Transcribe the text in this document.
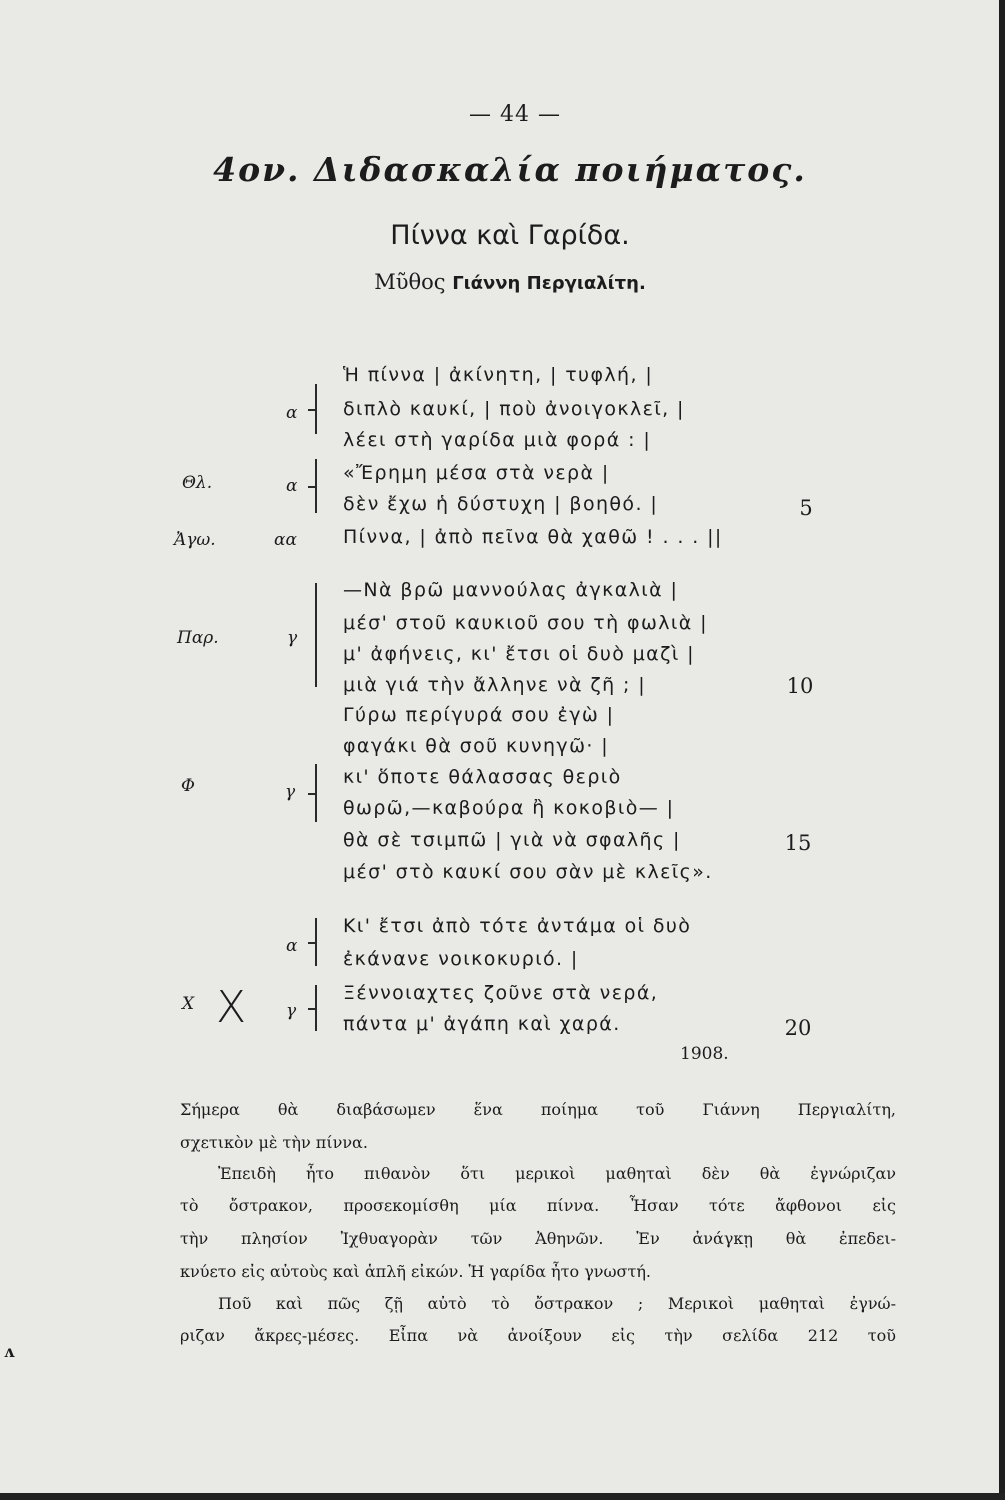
— 44 —
4ον. Διδασκαλία ποιήματος.
Πίννα καὶ Γαρίδα.
Μῦθος Γιάννη Περγιαλίτη.
Ἡ πίννα | ἀκίνητη, | τυφλή, |
διπλὸ καυκί, | ποὺ ἀνοιγοκλεῖ, |
λέει στὴ γαρίδα μιὰ φορά : |
«Ἔρημη μέσα στὰ νερὰ |
δὲν ἔχω ἡ δύστυχη | βοηθό. |
Πίννα, | ἀπὸ πεῖνα θὰ χαθῶ ! . . . ||
—Νὰ βρῶ μαννούλας ἀγκαλιὰ |
μέσ' στοῦ καυκιοῦ σου τὴ φωλιὰ |
μ' ἀφήνεις, κι' ἔτσι οἱ δυὸ μαζὶ |
μιὰ γιά τὴν ἄλληνε νὰ ζῆ ; |
Γύρω περίγυρά σου ἐγὼ |
φαγάκι θὰ σοῦ κυνηγῶ· |
κι' ὅποτε θάλασσας θεριὸ
θωρῶ,—καβούρα ἢ κοκοβιὸ— |
θὰ σὲ τσιμπῶ | γιὰ νὰ σφαλῆς |
μέσ' στὸ καυκί σου σὰν μὲ κλεῖς».
Κι' ἔτσι ἀπὸ τότε ἀντάμα οἱ δυὸ
ἐκάνανε νοικοκυριό. |
Ξέννοιαχτες ζοῦνε στὰ νερά,
πάντα μ' ἀγάπη καὶ χαρά.
5
10
15
20
Θλ.
Ἀγω.
Παρ.
Φ
Χ
α
α
αα
γ
γ
α
γ
X
1908.
Σήμερα θὰ διαβάσωμεν ἕνα ποίημα τοῦ Γιάννη Περγιαλίτη,
σχετικὸν μὲ τὴν πίννα.
Ἐπειδὴ ἦτο πιθανὸν ὅτι μερικοὶ μαθηταὶ δὲν θὰ ἐγνώριζαν
τὸ ὄστρακον, προσεκομίσθη μία πίννα. Ἦσαν τότε ἄφθονοι εἰς
τὴν πλησίον Ἰχθυαγορὰν τῶν Ἀθηνῶν. Ἐν ἀνάγκῃ θὰ ἐπεδει-
κνύετο εἰς αὐτοὺς καὶ ἁπλῆ εἰκών. Ἡ γαρίδα ἦτο γνωστή.
Ποῦ καὶ πῶς ζῇ αὐτὸ τὸ ὄστρακον ; Μερικοὶ μαθηταὶ ἐγνώ-
ριζαν ἄκρες-μέσες. Εἶπα νὰ ἀνοίξουν εἰς τὴν σελίδα 212 τοῦ
ʌ
